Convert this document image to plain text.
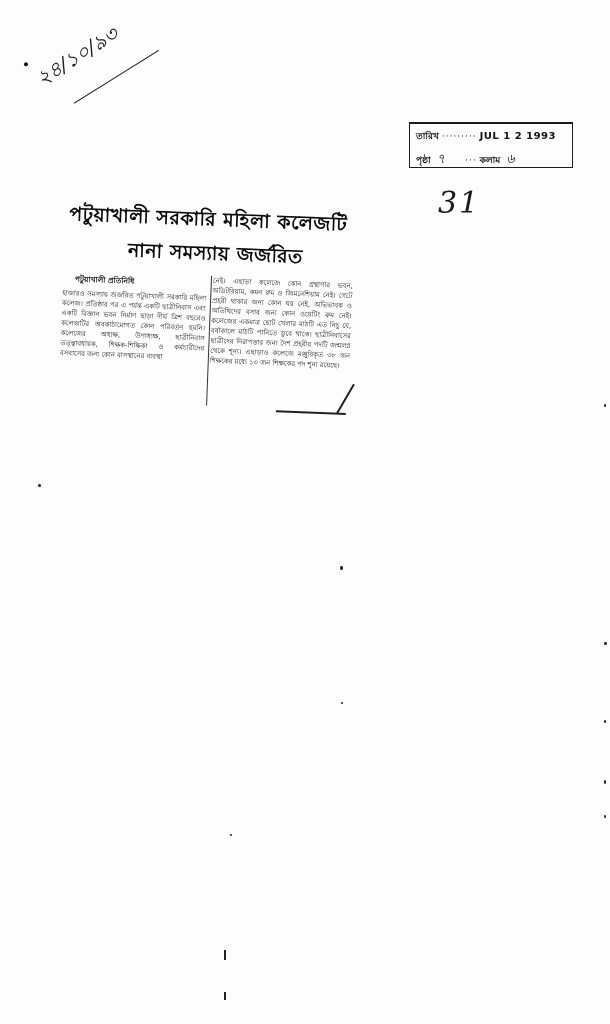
২৪/১০/৯৩
তারিখ ········· JUL 1 2 1993
পৃষ্ঠা ৭ ··· কলাম ৬
31
পটুয়াখালী সরকারি মহিলা কলেজটি
নানা সমস্যায় জর্জরিত
পটুয়াখালী প্রতিনিধি

হাজারও সমস্যায় জর্জরিত পটুয়াখালী সরকারি মহিলা কলেজ। প্রতিষ্ঠার পর এ পর্যন্ত একটি ছাত্রীনিবাস এবং একটি বিজ্ঞান ভবন নির্মাণ ছাড়া দীর্ঘ ত্রিশ বছরেও কলেজটির অবকাঠামোগত কোন পরিবর্তন হয়নি। কলেজের অধ্যক্ষ, উপাধ্যক্ষ, ছাত্রীনিবাস তত্ত্বাবধায়ক, শিক্ষক-শিক্ষিকা ও কর্মচারীদের বসবাসের জন্য কোন বাসস্থানের ব্যবস্থা

নেই। এছাড়া কলেজে কোন গ্রন্থাগার ভবন, অডিটরিয়াম, কমন রুম ও জিমনেশিয়াম নেই। গেটে প্রহরী থাকার জন্য কোন ঘর নেই, অভিভাবক ও অতিথিদের বসার জন্য কোন ওয়েটিং রুম নেই। কলেজের একমাত্র ছোট খেলার মাঠটি এত নিচু যে, বর্ষাকালে মাঠটি পানিতে ডুবে থাকে। ছাত্রীনিবাসের ছাত্রীদের নিরাপত্তার জন্য দৈশ প্রহরীর পদটি জন্মলগ্ন থেকে শূন্য। এছাড়াও কলেজে মঞ্জুরিকৃত ৩৮ জন শিক্ষকের মধ্যে ১৩ জন শিক্ষকের পদ শূন্য রয়েছে।
